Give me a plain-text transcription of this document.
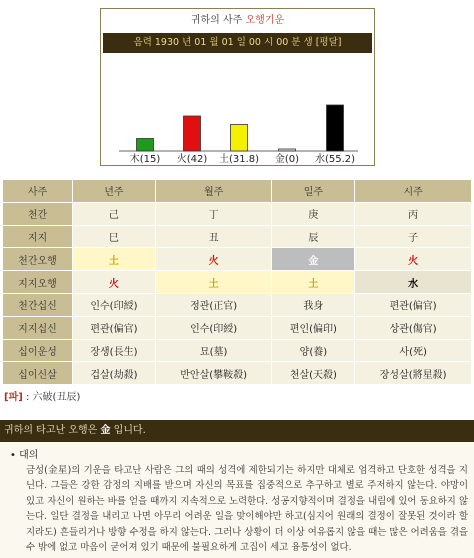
귀하의 사주 오행기운
음력 1930 년 01 월 01 일 00 시 00 분 생 [평달]
木(15) 火(42) 土(31.8) 金(0) 水(55.2)
사주	년주	월주	일주	시주
천간	己	丁	庚	丙
지지	巳	丑	辰	子
천간오행	土	火	金	火
지지오행	火	土	土	水
천간십신	인수(印綬)	정관(正官)	我身	편관(偏官)
지지십신	편관(偏官)	인수(印綬)	편인(偏印)	상관(傷官)
십이운성	장생(長生)	묘(墓)	양(養)	사(死)
십이신살	겁살(劫殺)	반안살(攀鞍殺)	천살(天殺)	장성살(將星殺)
[파] : 六破(丑辰)
귀하의 타고난 오행은 金 입니다.
• 대의
금성(金星)의 기운을 타고난 사람은 그의 때의 성격에 제한되기는 하지만 대체로 엄격하고 단호한 성격을 지닌다. 그들은 강한 감정의 지배를 받으며 자신의 목표를 집중적으로 추구하고 별로 주저하지 않는다. 야망이 있고 자신이 원하는 바를 얻을 때까지 지속적으로 노력한다. 성공지향적이며 결정을 내림에 있어 동요하지 않는다. 일단 결정을 내리고 나면 아무리 어려운 일을 맞이해야만 하고(심지어 원래의 결정이 잘못된 것이라 할지라도) 흔들리거나 방향 수정을 하지 않는다. 그러나 상황이 더 이상 여유롭지 않을 때는 많은 어려움을 겪을 수 밖에 없고 마음이 굳어져 있기 때문에 불필요하게 고집이 세고 융통성이 없다.
